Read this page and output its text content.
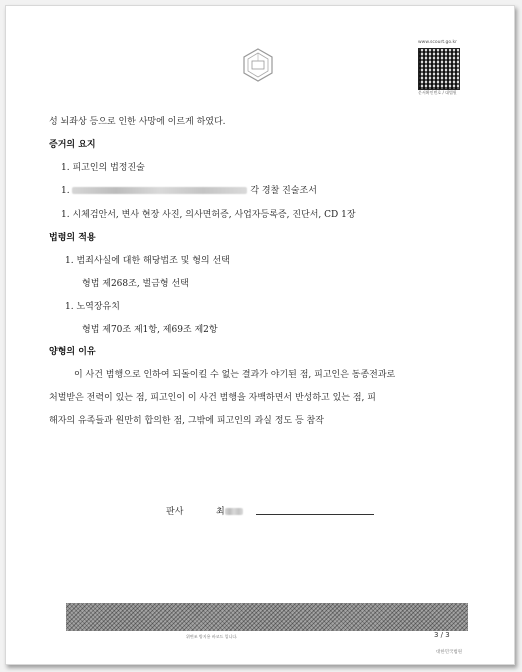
www.scourt.go.kr
문서확인번호 / 대법원
성 뇌좌상 등으로 인한 사망에 이르게 하였다.
증거의 요지
1. 피고인의 법정진술
1.	각 경찰 진술조서
1. 시체검안서, 변사 현장 사진, 의사면허증, 사업자등록증, 진단서, CD 1장
법령의 적용
1. 범죄사실에 대한 해당법조 및 형의 선택
형법 제268조, 벌금형 선택
1. 노역장유치
형법 제70조 제1항, 제69조 제2항
양형의 이유
이 사건 범행으로 인하여 되돌이킬 수 없는 결과가 야기된 점, 피고인은 동종전과로
처벌받은 전력이 있는 점, 피고인이 이 사건 범행을 자백하면서 반성하고 있는 점, 피
해자의 유족들과 원만히 합의한 점, 그밖에 피고인의 과실 정도 등 참작
판사	최
위변조 방지용 바코드 입니다.	3 / 3
대한민국법원
